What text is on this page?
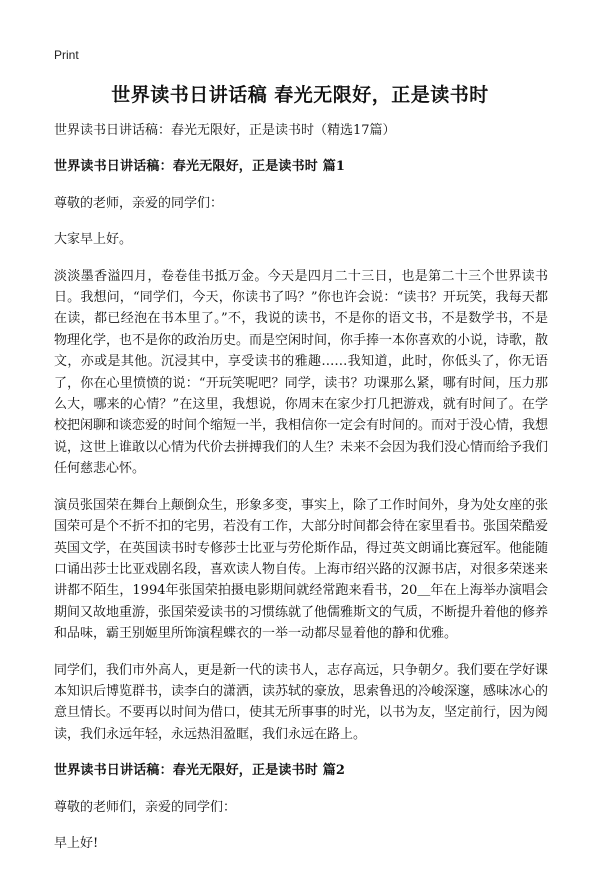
Print
世界读书日讲话稿 春光无限好，正是读书时

世界读书日讲话稿：春光无限好，正是读书时（精选17篇）

世界读书日讲话稿：春光无限好，正是读书时 篇1

尊敬的老师，亲爱的同学们：

大家早上好。

淡淡墨香溢四月，卷卷佳书抵万金。今天是四月二十三日，也是第二十三个世界读书日。我想问，“同学们，今天，你读书了吗？”你也许会说：“读书？开玩笑，我每天都在读，都已经泡在书本里了。”不，我说的读书，不是你的语文书，不是数学书，不是物理化学，也不是你的政治历史。而是空闲时间，你手捧一本你喜欢的小说，诗歌，散文，亦或是其他。沉浸其中，享受读书的雅趣……我知道，此时，你低头了，你无语了，你在心里愤愤的说：“开玩笑呢吧？同学，读书？功课那么紧，哪有时间，压力那么大，哪来的心情？”在这里，我想说，你周末在家少打几把游戏，就有时间了。在学校把闲聊和谈恋爱的时间个缩短一半，我相信你一定会有时间的。而对于没心情，我想说，这世上谁敢以心情为代价去拼搏我们的人生？未来不会因为我们没心情而给予我们任何慈悲心怀。

演员张国荣在舞台上颠倒众生，形象多变，事实上，除了工作时间外，身为处女座的张国荣可是个不折不扣的宅男，若没有工作，大部分时间都会待在家里看书。张国荣酷爱英国文学，在英国读书时专修莎士比亚与劳伦斯作品，得过英文朗诵比赛冠军。他能随口诵出莎士比亚戏剧名段，喜欢读人物自传。上海市绍兴路的汉源书店，对很多荣迷来讲都不陌生，1994年张国荣拍摄电影期间就经常跑来看书，20＿年在上海举办演唱会期间又故地重游，张国荣爱读书的习惯练就了他儒雅斯文的气质，不断提升着他的修养和品味，霸王别姬里所饰演程蝶衣的一举一动都尽显着他的静和优雅。

同学们，我们市外高人，更是新一代的读书人，志存高远，只争朝夕。我们要在学好课本知识后博览群书，读李白的潇洒，读苏轼的豪放，思索鲁迅的冷峻深邃，感味冰心的意旦情长。不要再以时间为借口，使其无所事事的时光，以书为友，坚定前行，因为阅读，我们永远年轻，永远热泪盈眶，我们永远在路上。

世界读书日讲话稿：春光无限好，正是读书时 篇2

尊敬的老师们，亲爱的同学们：

早上好!
